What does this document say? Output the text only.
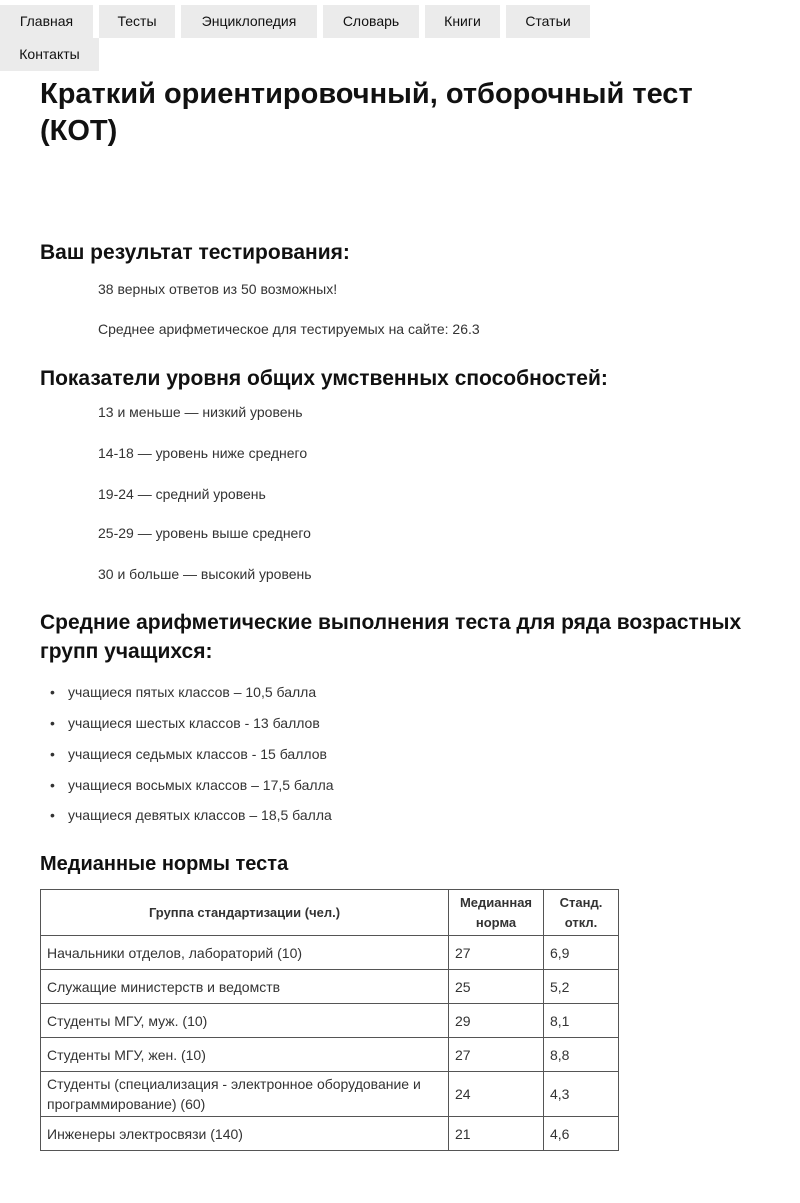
Главная	Тесты	Энциклопедия	Словарь	Книги	Статьи
Контакты
Краткий ориентировочный, отборочный тест (КОТ)
Ваш результат тестирования:
38 верных ответов из 50 возможных!
Среднее арифметическое для тестируемых на сайте: 26.3
Показатели уровня общих умственных способностей:
13 и меньше — низкий уровень
14-18 — уровень ниже среднего
19-24 — средний уровень
25-29 — уровень выше среднего
30 и больше — высокий уровень
Средние арифметические выполнения теста для ряда возрастных групп учащихся:
• учащиеся пятых классов – 10,5 балла
• учащиеся шестых классов - 13 баллов
• учащиеся седьмых классов - 15 баллов
• учащиеся восьмых классов – 17,5 балла
• учащиеся девятых классов – 18,5 балла
Медианные нормы теста
Группа стандартизации (чел.)	Медианная норма	Станд. откл.
Начальники отделов, лабораторий (10)	27	6,9
Служащие министерств и ведомств	25	5,2
Студенты МГУ, муж. (10)	29	8,1
Студенты МГУ, жен. (10)	27	8,8
Студенты (специализация - электронное оборудование и программирование) (60)	24	4,3
Инженеры электросвязи (140)	21	4,6
